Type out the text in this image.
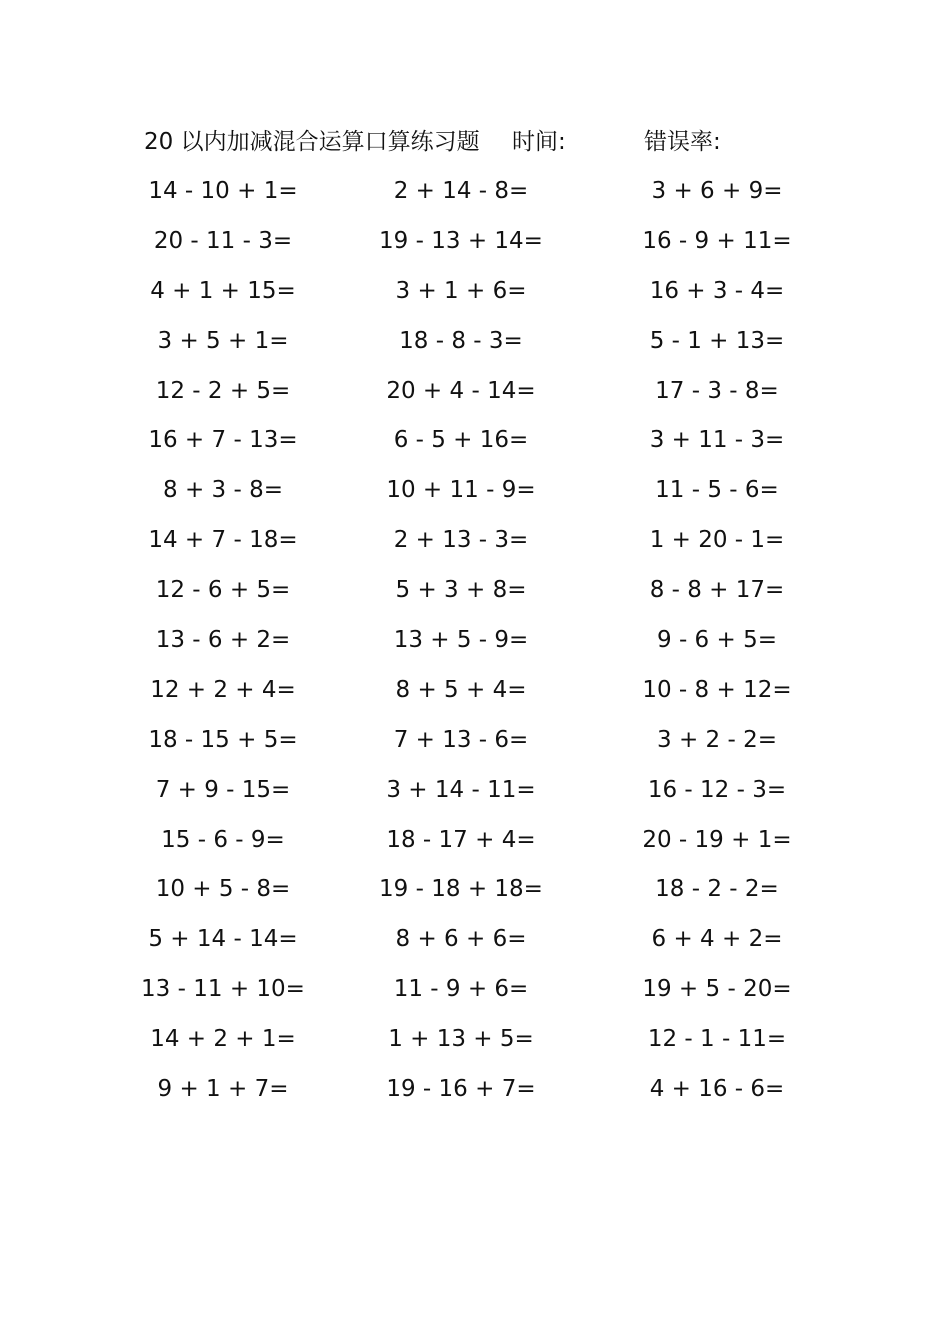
20 以内加减混合运算口算练习题 时间:	错误率:
14 - 10 + 1=	2 + 14 - 8=	3 + 6 + 9=
20 - 11 - 3=	19 - 13 + 14=	16 - 9 + 11=
4 + 1 + 15=	3 + 1 + 6=	16 + 3 - 4=
3 + 5 + 1=	18 - 8 - 3=	5 - 1 + 13=
12 - 2 + 5=	20 + 4 - 14=	17 - 3 - 8=
16 + 7 - 13=	6 - 5 + 16=	3 + 11 - 3=
8 + 3 - 8=	10 + 11 - 9=	11 - 5 - 6=
14 + 7 - 18=	2 + 13 - 3=	1 + 20 - 1=
12 - 6 + 5=	5 + 3 + 8=	8 - 8 + 17=
13 - 6 + 2=	13 + 5 - 9=	9 - 6 + 5=
12 + 2 + 4=	8 + 5 + 4=	10 - 8 + 12=
18 - 15 + 5=	7 + 13 - 6=	3 + 2 - 2=
7 + 9 - 15=	3 + 14 - 11=	16 - 12 - 3=
15 - 6 - 9=	18 - 17 + 4=	20 - 19 + 1=
10 + 5 - 8=	19 - 18 + 18=	18 - 2 - 2=
5 + 14 - 14=	8 + 6 + 6=	6 + 4 + 2=
13 - 11 + 10=	11 - 9 + 6=	19 + 5 - 20=
14 + 2 + 1=	1 + 13 + 5=	12 - 1 - 11=
9 + 1 + 7=	19 - 16 + 7=	4 + 16 - 6=
